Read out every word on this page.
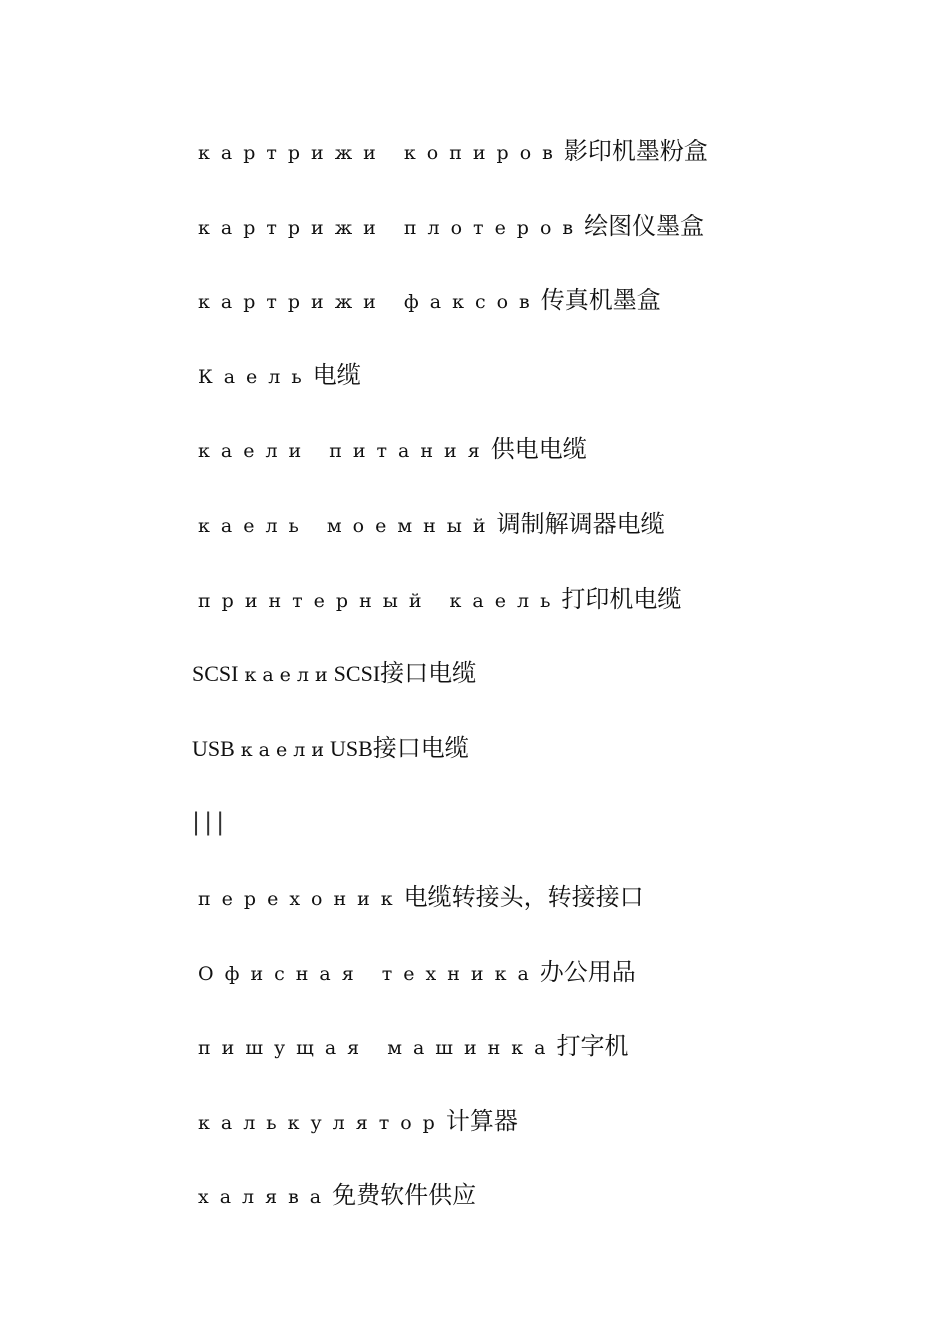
картрижи копиров影印机墨粉盒
картрижи плотеров绘图仪墨盒
картрижи факсов传真机墨盒
Каель电缆
каели питания供电电缆
каель моемный调制解调器电缆
принтерный каель打印机电缆
SCSI каелиSCSI接口电缆
USB каелиUSB接口电缆
|||
перехоник电缆转接头，转接接口
Офисная техника办公用品
пишущая машинка打字机
калькулятор计算器
халява免费软件供应
